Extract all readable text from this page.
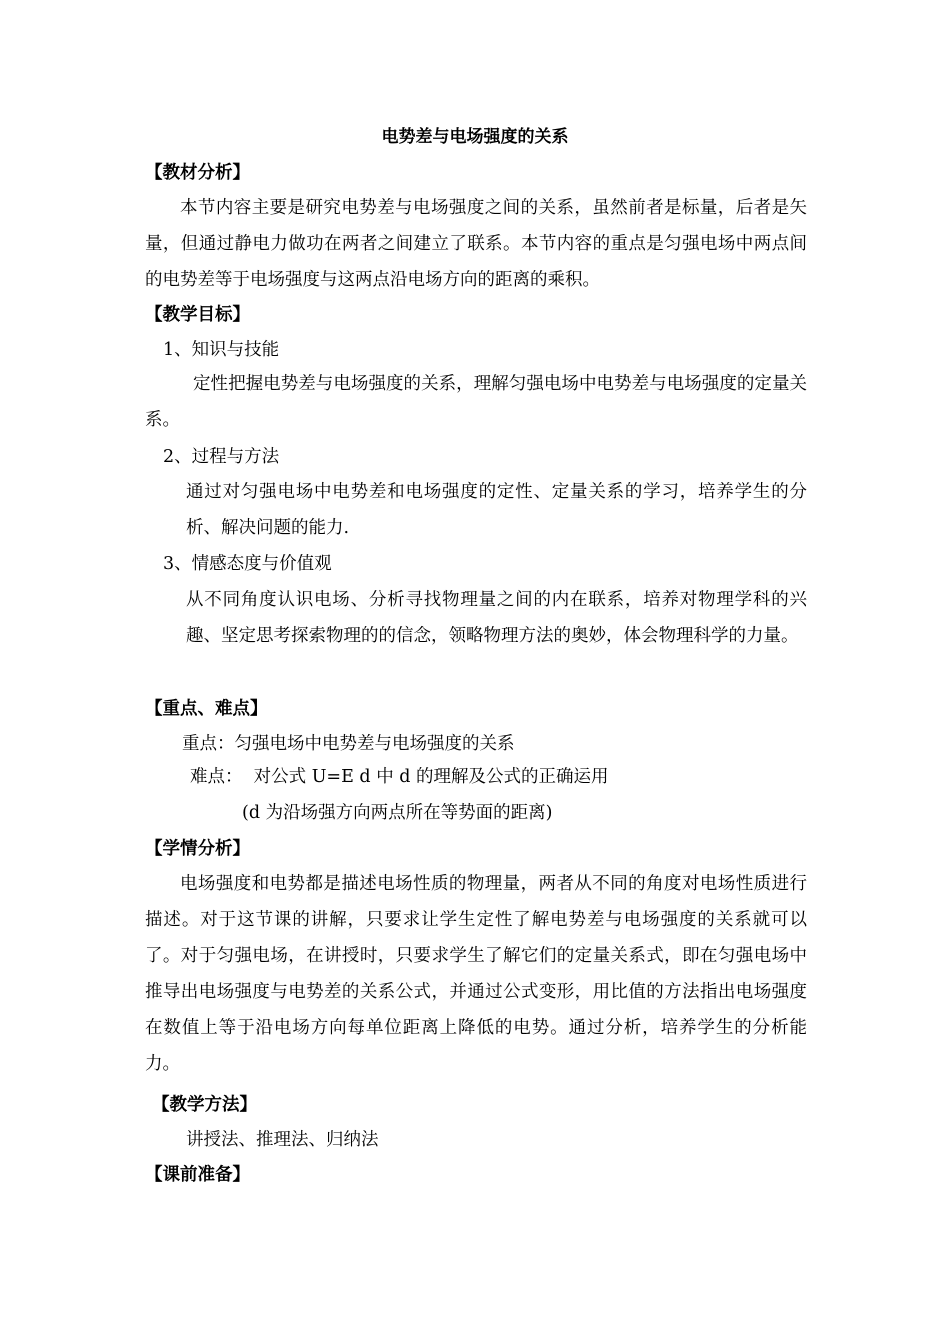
电势差与电场强度的关系
【教材分析】
本节内容主要是研究电势差与电场强度之间的关系，虽然前者是标量，后者是矢量，但通过静电力做功在两者之间建立了联系。本节内容的重点是匀强电场中两点间的电势差等于电场强度与这两点沿电场方向的距离的乘积。
【教学目标】
1、知识与技能
定性把握电势差与电场强度的关系，理解匀强电场中电势差与电场强度的定量关系。
2、过程与方法
通过对匀强电场中电势差和电场强度的定性、定量关系的学习，培养学生的分析、解决问题的能力.
3、情感态度与价值观
从不同角度认识电场、分析寻找物理量之间的内在联系，培养对物理学科的兴趣、坚定思考探索物理的的信念，领略物理方法的奥妙，体会物理科学的力量。
【重点、难点】
重点：匀强电场中电势差与电场强度的关系
难点：  对公式 U=E d 中 d 的理解及公式的正确运用
(d 为沿场强方向两点所在等势面的距离)
【学情分析】
电场强度和电势都是描述电场性质的物理量，两者从不同的角度对电场性质进行描述。对于这节课的讲解，只要求让学生定性了解电势差与电场强度的关系就可以了。对于匀强电场，在讲授时，只要求学生了解它们的定量关系式，即在匀强电场中推导出电场强度与电势差的关系公式，并通过公式变形，用比值的方法指出电场强度在数值上等于沿电场方向每单位距离上降低的电势。通过分析，培养学生的分析能力。
【教学方法】
讲授法、推理法、归纳法
【课前准备】
